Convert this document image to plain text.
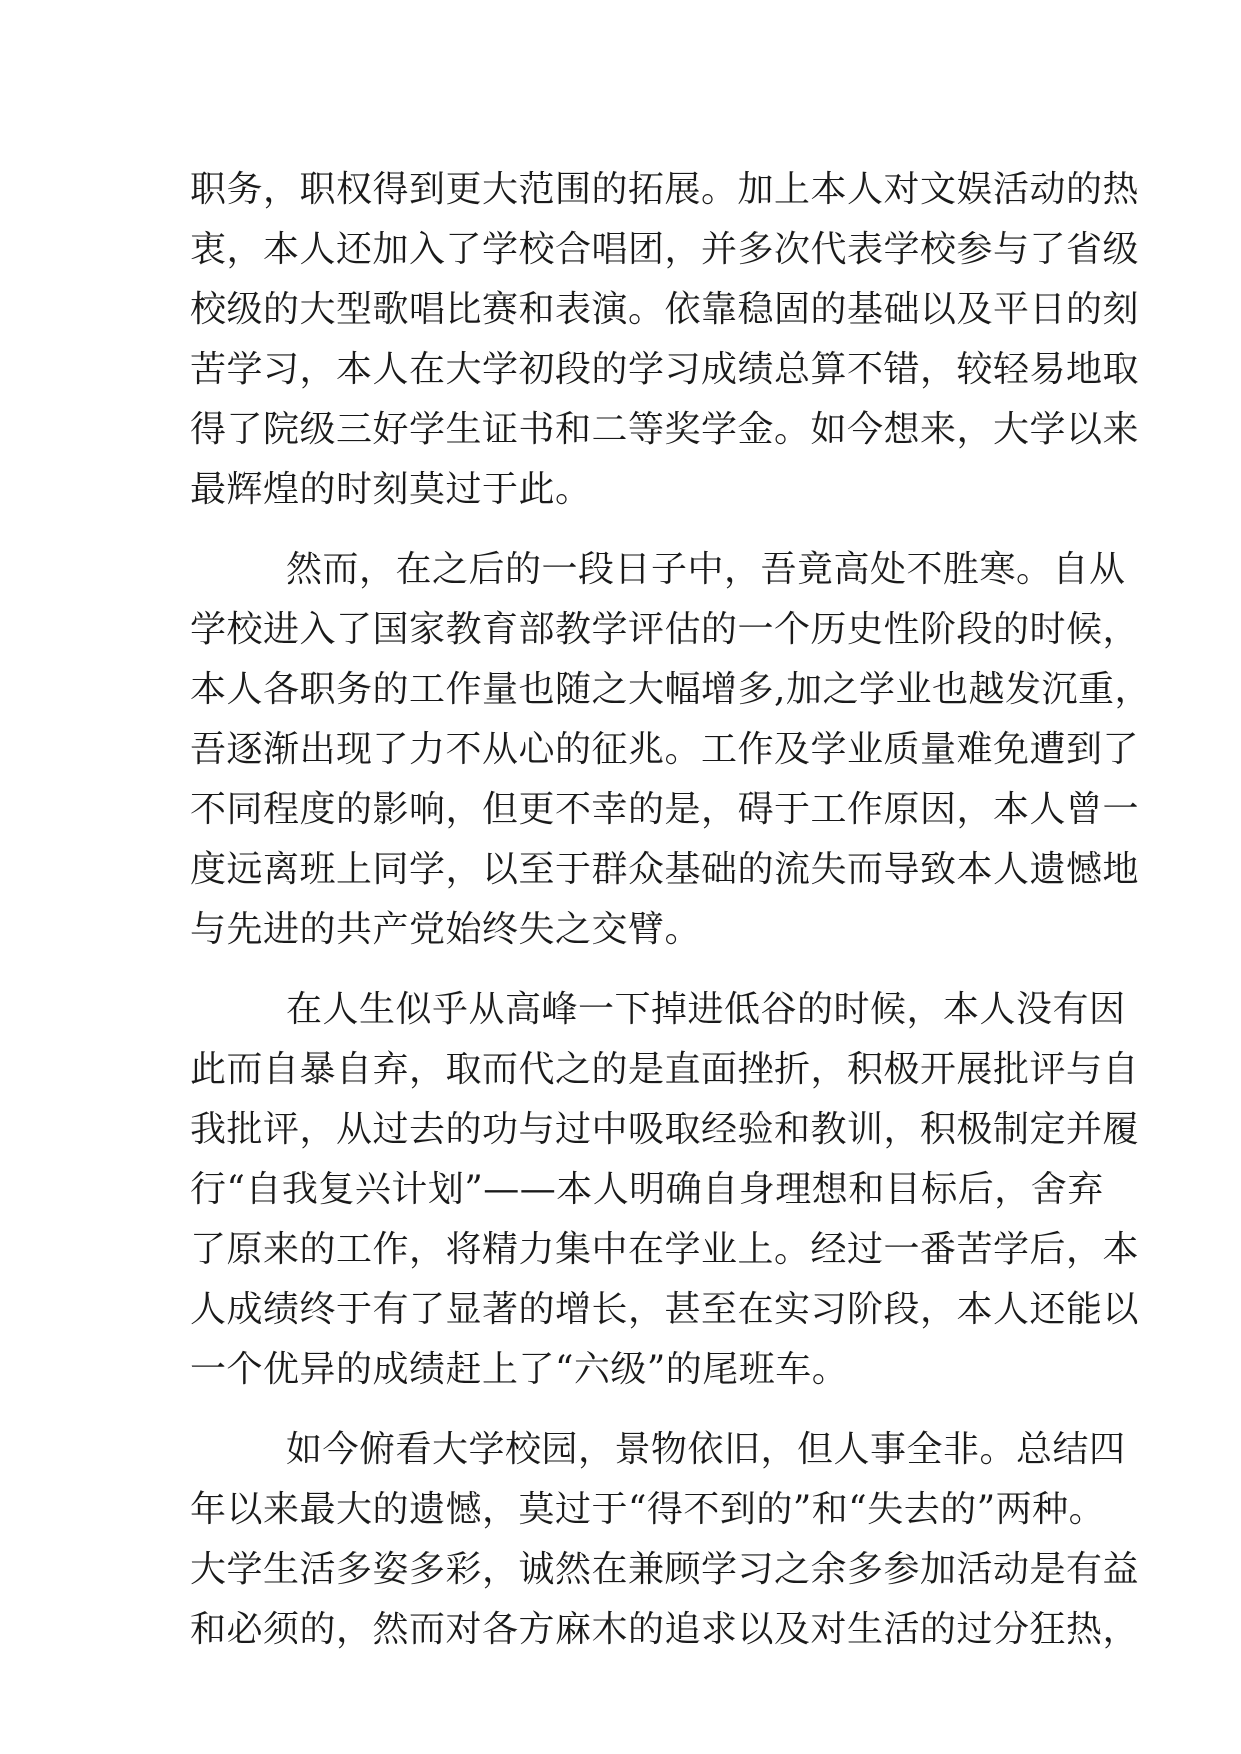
职务，职权得到更大范围的拓展。加上本人对文娱活动的热
衷，本人还加入了学校合唱团，并多次代表学校参与了省级
校级的大型歌唱比赛和表演。依靠稳固的基础以及平日的刻
苦学习，本人在大学初段的学习成绩总算不错，较轻易地取
得了院级三好学生证书和二等奖学金。如今想来，大学以来
最辉煌的时刻莫过于此。
然而，在之后的一段日子中，吾竟高处不胜寒。自从
学校进入了国家教育部教学评估的一个历史性阶段的时候，
本人各职务的工作量也随之大幅增多,加之学业也越发沉重，
吾逐渐出现了力不从心的征兆。工作及学业质量难免遭到了
不同程度的影响，但更不幸的是，碍于工作原因，本人曾一
度远离班上同学，以至于群众基础的流失而导致本人遗憾地
与先进的共产党始终失之交臂。
在人生似乎从高峰一下掉进低谷的时候，本人没有因
此而自暴自弃，取而代之的是直面挫折，积极开展批评与自
我批评，从过去的功与过中吸取经验和教训，积极制定并履
行“自我复兴计划”——本人明确自身理想和目标后，舍弃
了原来的工作，将精力集中在学业上。经过一番苦学后，本
人成绩终于有了显著的增长，甚至在实习阶段，本人还能以
一个优异的成绩赶上了“六级”的尾班车。
如今俯看大学校园，景物依旧，但人事全非。总结四
年以来最大的遗憾，莫过于“得不到的”和“失去的”两种。
大学生活多姿多彩，诚然在兼顾学习之余多参加活动是有益
和必须的，然而对各方麻木的追求以及对生活的过分狂热，
